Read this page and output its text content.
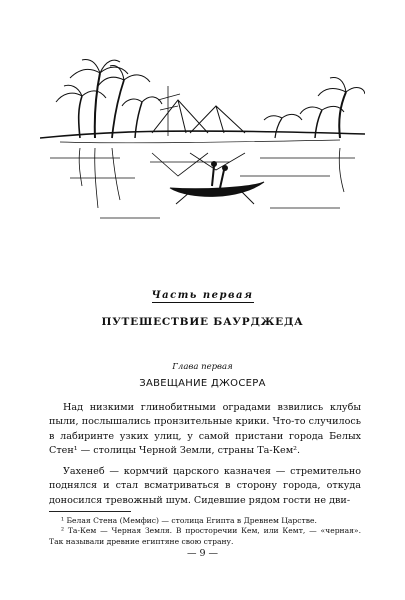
Часть первая
ПУТЕШЕСТВИЕ БАУРДЖЕДА
Глава первая
ЗАВЕЩАНИЕ ДЖОСЕРА

Над низкими глинобитными оградами взвились клубы пыли, послышались пронзительные крики. Что-то случилось в лабиринте узких улиц, у самой пристани города Белых Стен¹ — столицы Черной Земли, страны Та-Кем².

Уахенеб — кормчий царского казначея — стремительно поднялся и стал всматриваться в сторону города, откуда доносился тревожный шум. Сидевшие рядом гости не дви-

¹ Белая Стена (Мемфис) — столица Египта в Древнем Царстве.

² Та-Кем — Черная Земля. В просторечии Кем, или Кемт, — «черная». Так называли древние египтяне свою страну.

— 9 —
